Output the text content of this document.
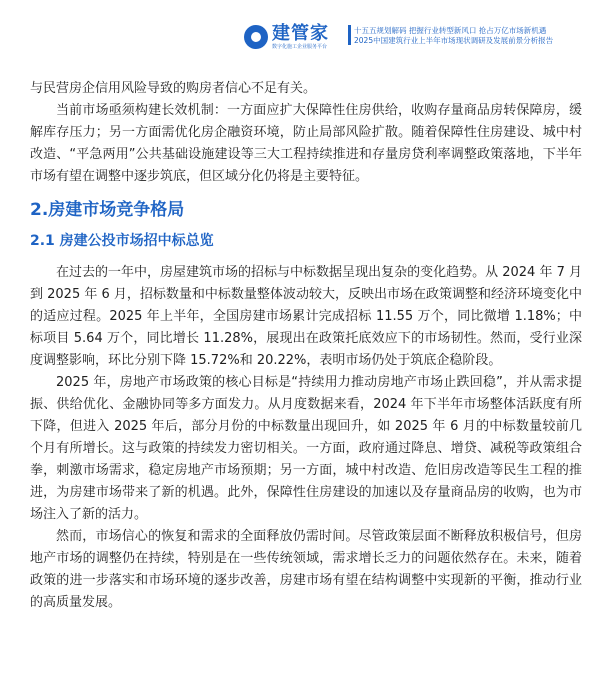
建管家
数字化施工企业服务平台
十五五规划解码 把握行业转型新风口 抢占万亿市场新机遇
2025中国建筑行业上半年市场现状调研及发展前景分析报告

与民营房企信用风险导致的购房者信心不足有关。

当前市场亟须构建长效机制：一方面应扩大保障性住房供给，收购存量商品房转保障房，缓解库存压力；另一方面需优化房企融资环境，防止局部风险扩散。随着保障性住房建设、城中村改造、“平急两用”公共基础设施建设等三大工程持续推进和存量房贷利率调整政策落地，下半年市场有望在调整中逐步筑底，但区域分化仍将是主要特征。

2.房建市场竞争格局
2.1 房建公投市场招中标总览

在过去的一年中，房屋建筑市场的招标与中标数据呈现出复杂的变化趋势。从 2024 年 7 月到 2025 年 6 月，招标数量和中标数量整体波动较大，反映出市场在政策调整和经济环境变化中的适应过程。2025 年上半年，全国房建市场累计完成招标 11.55 万个，同比微增 1.18%；中标项目 5.64 万个，同比增长 11.28%，展现出在政策托底效应下的市场韧性。然而，受行业深度调整影响，环比分别下降 15.72%和 20.22%，表明市场仍处于筑底企稳阶段。

2025 年，房地产市场政策的核心目标是“持续用力推动房地产市场止跌回稳”，并从需求提振、供给优化、金融协同等多方面发力。从月度数据来看，2024 年下半年市场整体活跃度有所下降，但进入 2025 年后，部分月份的中标数量出现回升，如 2025 年 6 月的中标数量较前几个月有所增长。这与政策的持续发力密切相关。一方面，政府通过降息、增贷、减税等政策组合拳，刺激市场需求，稳定房地产市场预期；另一方面，城中村改造、危旧房改造等民生工程的推进，为房建市场带来了新的机遇。此外，保障性住房建设的加速以及存量商品房的收购，也为市场注入了新的活力。

然而，市场信心的恢复和需求的全面释放仍需时间。尽管政策层面不断释放积极信号，但房地产市场的调整仍在持续，特别是在一些传统领域，需求增长乏力的问题依然存在。未来，随着政策的进一步落实和市场环境的逐步改善，房建市场有望在结构调整中实现新的平衡，推动行业的高质量发展。
